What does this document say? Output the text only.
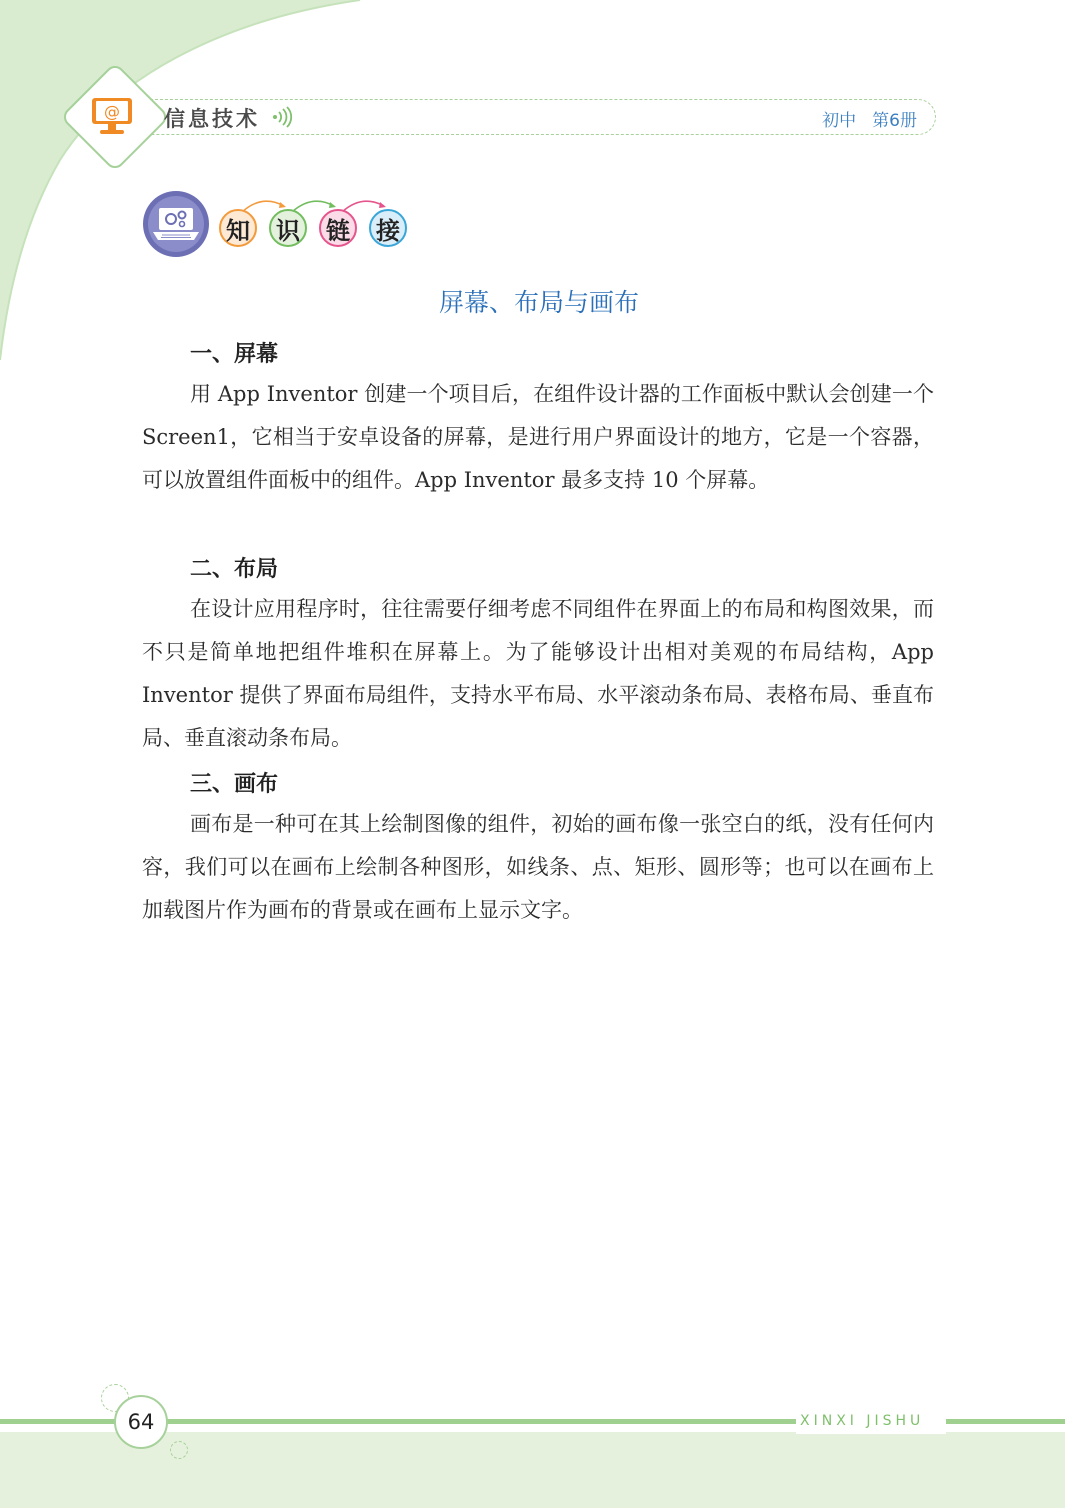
@ 信息技术	初中 第6册
知 识 链 接
屏幕、布局与画布
一、屏幕
用 App Inventor 创建一个项目后，在组件设计器的工作面板中默认会创建一个 Screen1，它相当于安卓设备的屏幕，是进行用户界面设计的地方，它是一个容器，可以放置组件面板中的组件。App Inventor 最多支持 10 个屏幕。
二、布局
在设计应用程序时，往往需要仔细考虑不同组件在界面上的布局和构图效果，而不只是简单地把组件堆积在屏幕上。为了能够设计出相对美观的布局结构，App Inventor 提供了界面布局组件，支持水平布局、水平滚动条布局、表格布局、垂直布局、垂直滚动条布局。
三、画布
画布是一种可在其上绘制图像的组件，初始的画布像一张空白的纸，没有任何内容，我们可以在画布上绘制各种图形，如线条、点、矩形、圆形等；也可以在画布上加载图片作为画布的背景或在画布上显示文字。
XINXI JISHU
64
